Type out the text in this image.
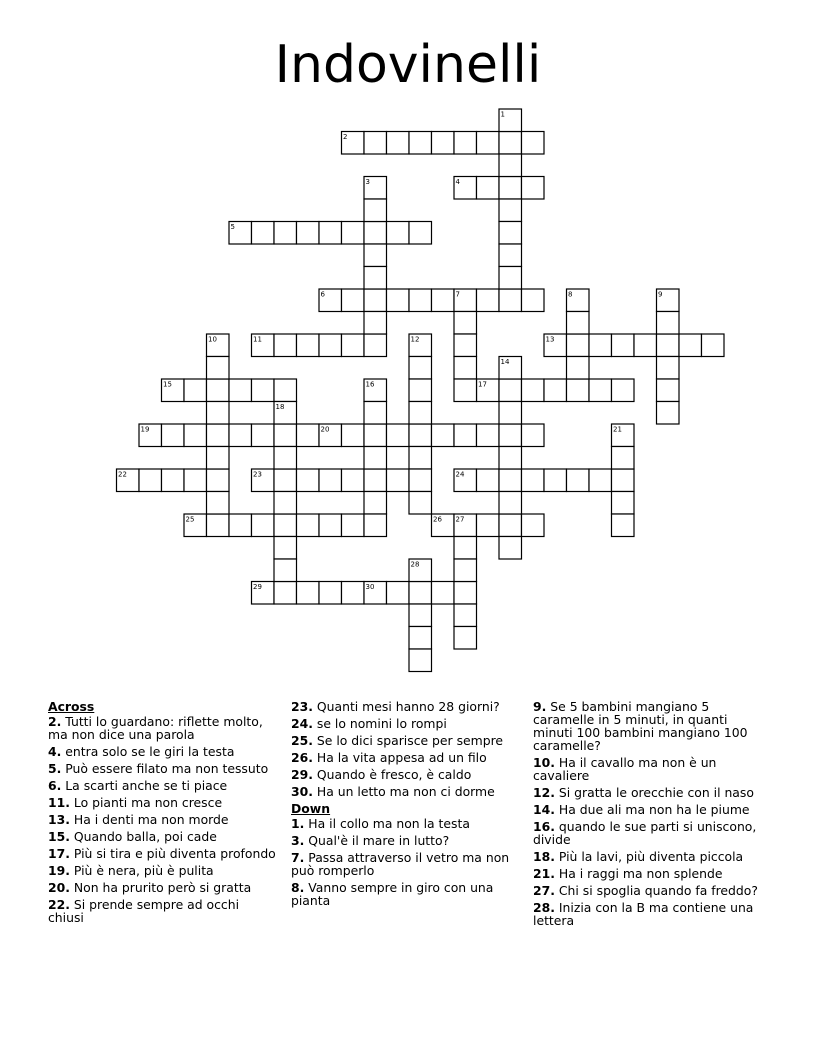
Indovinelli
1
2
3	4
5
6	7	8	9
10	11	12	13
14
15	16	17
18
19	20	21
22	23	24
25	26 27
28
29	30
Across
2. Tutti lo guardano: riflette molto, ma non dice una parola
4. entra solo se le giri la testa
5. Può essere filato ma non tessuto
6. La scarti anche se ti piace
11. Lo pianti ma non cresce
13. Ha i denti ma non morde
15. Quando balla, poi cade
17. Più si tira e più diventa profondo
19. Più è nera, più è pulita
20. Non ha prurito però si gratta
22. Si prende sempre ad occhi chiusi
23. Quanti mesi hanno 28 giorni?
24. se lo nomini lo rompi
25. Se lo dici sparisce per sempre
26. Ha la vita appesa ad un filo
29. Quando è fresco, è caldo
30. Ha un letto ma non ci dorme
Down
1. Ha il collo ma non la testa
3. Qual'è il mare in lutto?
7. Passa attraverso il vetro ma non può romperlo
8. Vanno sempre in giro con una pianta
9. Se 5 bambini mangiano 5 caramelle in 5 minuti, in quanti minuti 100 bambini mangiano 100 caramelle?
10. Ha il cavallo ma non è un cavaliere
12. Si gratta le orecchie con il naso
14. Ha due ali ma non ha le piume
16. quando le sue parti si uniscono, divide
18. Più la lavi, più diventa piccola
21. Ha i raggi ma non splende
27. Chi si spoglia quando fa freddo?
28. Inizia con la B ma contiene una lettera
